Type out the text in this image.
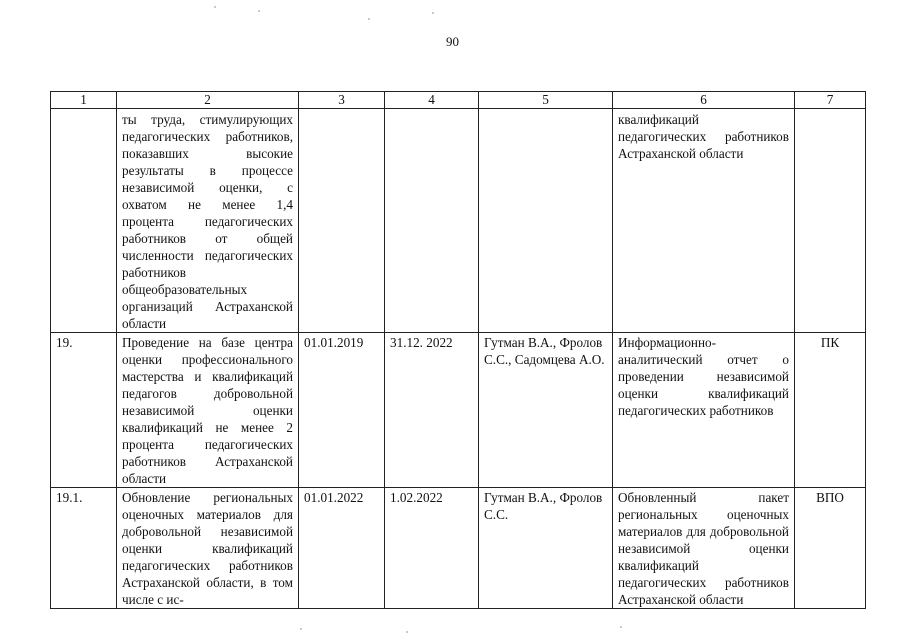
90
1	2	3	4	5	6	7
	ты труда, стимулирующих педагогических работников, показавших высокие результаты в процессе независимой оценки, с охватом не менее 1,4 процента педагогических работников от общей численности педагогических работников общеобразовательных организаций Астраханской области				квалификаций педагогических работников Астраханской области	
19.	Проведение на базе центра оценки профессионального мастерства и квалификаций педагогов добровольной независимой оценки квалификаций не менее 2 процента педагогических работников Астраханской области	01.01.2019	31.12. 2022	Гутман В.А., Фролов С.С., Садомцева А.О.	Информационно-аналитический отчет о проведении независимой оценки квалификаций педагогических работников	ПК
19.1.	Обновление региональных оценочных материалов для добровольной независимой оценки квалификаций педагогических работников Астраханской области, в том числе с ис-	01.01.2022	1.02.2022	Гутман В.А., Фролов С.С.	Обновленный пакет региональных оценочных материалов для добровольной независимой оценки квалификаций педагогических работников Астраханской области	ВПО
